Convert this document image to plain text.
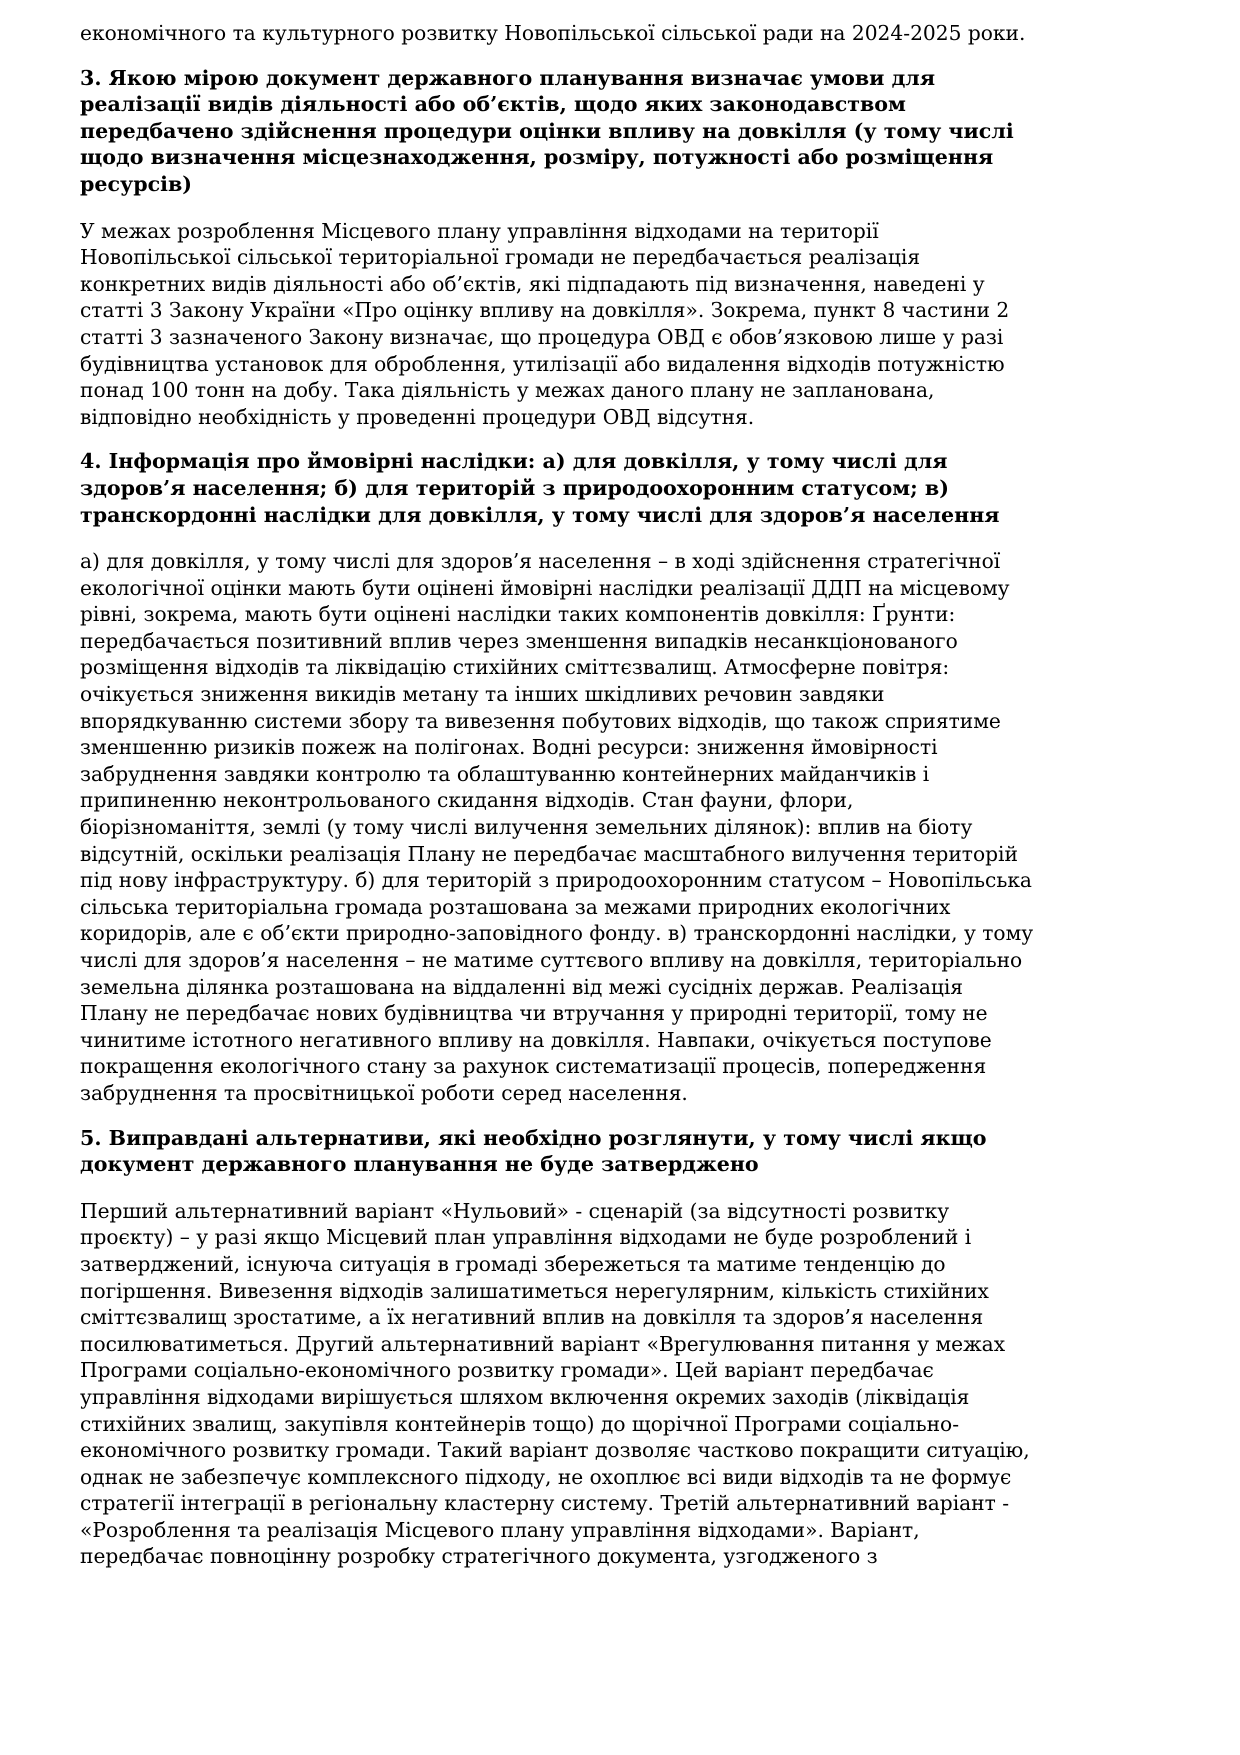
економічного та культурного розвитку Новопільської сільської ради на 2024-2025 роки.
3. Якою мірою документ державного планування визначає умови для
реалізації видів діяльності або об’єктів, щодо яких законодавством
передбачено здійснення процедури оцінки впливу на довкілля (у тому числі
щодо визначення місцезнаходження, розміру, потужності або розміщення
ресурсів)
У межах розроблення Місцевого плану управління відходами на території
Новопільської сільської територіальної громади не передбачається реалізація
конкретних видів діяльності або об’єктів, які підпадають під визначення, наведені у
статті 3 Закону України «Про оцінку впливу на довкілля». Зокрема, пункт 8 частини 2
статті 3 зазначеного Закону визначає, що процедура ОВД є обов’язковою лише у разі
будівництва установок для оброблення, утилізації або видалення відходів потужністю
понад 100 тонн на добу. Така діяльність у межах даного плану не запланована,
відповідно необхідність у проведенні процедури ОВД відсутня.
4. Інформація про ймовірні наслідки: а) для довкілля, у тому числі для
здоров’я населення; б) для територій з природоохоронним статусом; в)
транскордонні наслідки для довкілля, у тому числі для здоров’я населення
а) для довкілля, у тому числі для здоров’я населення – в ході здійснення стратегічної
екологічної оцінки мають бути оцінені ймовірні наслідки реалізації ДДП на місцевому
рівні, зокрема, мають бути оцінені наслідки таких компонентів довкілля: Ґрунти:
передбачається позитивний вплив через зменшення випадків несанкціонованого
розміщення відходів та ліквідацію стихійних сміттєзвалищ. Атмосферне повітря:
очікується зниження викидів метану та інших шкідливих речовин завдяки
впорядкуванню системи збору та вивезення побутових відходів, що також сприятиме
зменшенню ризиків пожеж на полігонах. Водні ресурси: зниження ймовірності
забруднення завдяки контролю та облаштуванню контейнерних майданчиків і
припиненню неконтрольованого скидання відходів. Стан фауни, флори,
біорізноманіття, землі (у тому числі вилучення земельних ділянок): вплив на біоту
відсутній, оскільки реалізація Плану не передбачає масштабного вилучення територій
під нову інфраструктуру. б) для територій з природоохоронним статусом – Новопільська
сільська територіальна громада розташована за межами природних екологічних
коридорів, але є об’єкти природно-заповідного фонду. в) транскордонні наслідки, у тому
числі для здоров’я населення – не матиме суттєвого впливу на довкілля, територіально
земельна ділянка розташована на віддаленні від межі сусідніх держав. Реалізація
Плану не передбачає нових будівництва чи втручання у природні території, тому не
чинитиме істотного негативного впливу на довкілля. Навпаки, очікується поступове
покращення екологічного стану за рахунок систематизації процесів, попередження
забруднення та просвітницької роботи серед населення.
5. Виправдані альтернативи, які необхідно розглянути, у тому числі якщо
документ державного планування не буде затверджено
Перший альтернативний варіант «Нульовий» - сценарій (за відсутності розвитку
проєкту) – у разі якщо Місцевий план управління відходами не буде розроблений і
затверджений, існуюча ситуація в громаді збережеться та матиме тенденцію до
погіршення. Вивезення відходів залишатиметься нерегулярним, кількість стихійних
сміттєзвалищ зростатиме, а їх негативний вплив на довкілля та здоров’я населення
посилюватиметься. Другий альтернативний варіант «Врегулювання питання у межах
Програми соціально-економічного розвитку громади». Цей варіант передбачає
управління відходами вирішується шляхом включення окремих заходів (ліквідація
стихійних звалищ, закупівля контейнерів тощо) до щорічної Програми соціально-
економічного розвитку громади. Такий варіант дозволяє частково покращити ситуацію,
однак не забезпечує комплексного підходу, не охоплює всі види відходів та не формує
стратегії інтеграції в регіональну кластерну систему. Третій альтернативний варіант -
«Розроблення та реалізація Місцевого плану управління відходами». Варіант,
передбачає повноцінну розробку стратегічного документа, узгодженого з
